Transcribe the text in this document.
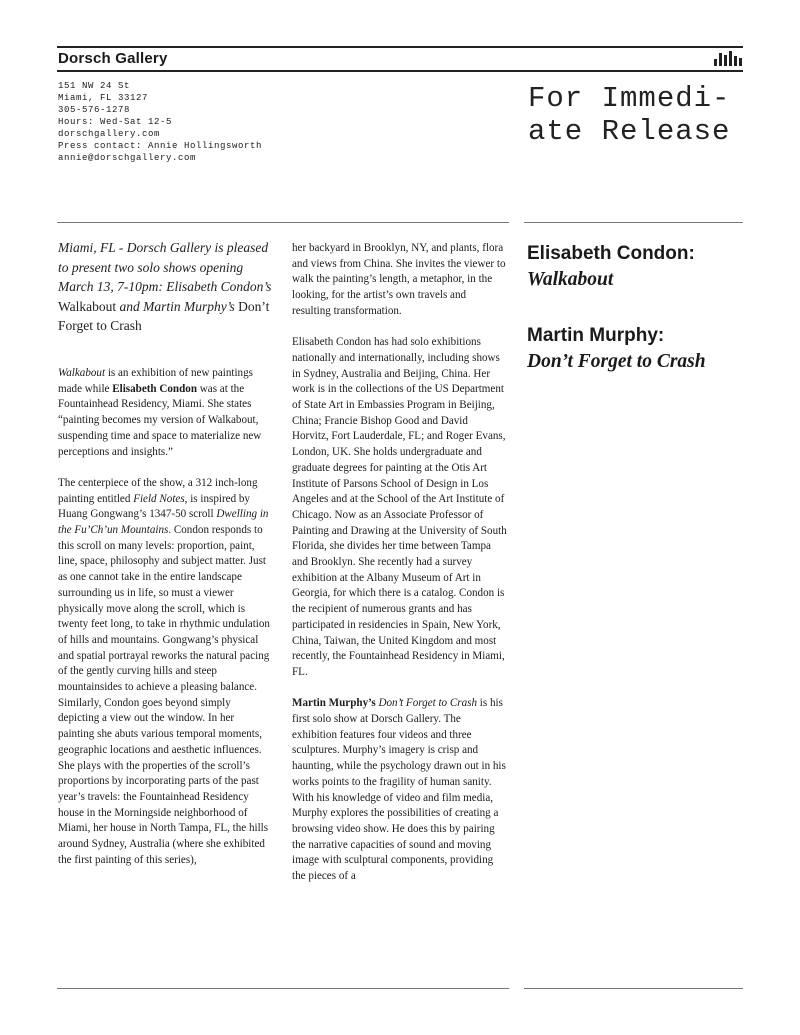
Dorsch Gallery
151 NW 24 St
Miami, FL 33127
305-576-1278
Hours: Wed-Sat 12-5
dorschgallery.com
Press contact: Annie Hollingsworth
annie@dorschgallery.com
For Immedi-
ate Release
Miami, FL - Dorsch Gallery is pleased to present two solo shows opening March 13, 7-10pm: Elisabeth Condon’s Walkabout and Martin Murphy’s Don’t Forget to Crash

Walkabout is an exhibition of new paintings made while Elisabeth Condon was at the Fountainhead Residency, Miami. She states “painting becomes my version of Walkabout, suspending time and space to materialize new perceptions and insights.”

The centerpiece of the show, a 312 inch-long painting entitled Field Notes, is inspired by Huang Gongwang’s 1347-50 scroll Dwelling in the Fu’Ch’un Mountains. Condon responds to this scroll on many levels: proportion, paint, line, space, philosophy and subject matter. Just as one cannot take in the entire landscape surrounding us in life, so must a viewer physically move along the scroll, which is twenty feet long, to take in rhythmic undulation of hills and mountains. Gongwang’s physical and spatial portrayal reworks the natural pacing of the gently curving hills and steep mountainsides to achieve a pleasing balance. Similarly, Condon goes beyond simply depicting a view out the window. In her painting she abuts various temporal moments, geographic locations and aesthetic influences. She plays with the properties of the scroll’s proportions by incorporating parts of the past year’s travels: the Fountainhead Residency house in the Morningside neighborhood of Miami, her house in North Tampa, FL, the hills around Sydney, Australia (where she exhibited the first painting of this series),

her backyard in Brooklyn, NY, and plants, flora and views from China. She invites the viewer to walk the painting’s length, a metaphor, in the looking, for the artist’s own travels and resulting transformation.

Elisabeth Condon has had solo exhibitions nationally and internationally, including shows in Sydney, Australia and Beijing, China. Her work is in the collections of the US Department of State Art in Embassies Program in Beijing, China; Francie Bishop Good and David Horvitz, Fort Lauderdale, FL; and Roger Evans, London, UK. She holds undergraduate and graduate degrees for painting at the Otis Art Institute of Parsons School of Design in Los Angeles and at the School of the Art Institute of Chicago. Now as an Associate Professor of Painting and Drawing at the University of South Florida, she divides her time between Tampa and Brooklyn. She recently had a survey exhibition at the Albany Museum of Art in Georgia, for which there is a catalog. Condon is the recipient of numerous grants and has participated in residencies in Spain, New York, China, Taiwan, the United Kingdom and most recently, the Fountainhead Residency in Miami, FL.

Martin Murphy’s Don’t Forget to Crash is his first solo show at Dorsch Gallery. The exhibition features four videos and three sculptures. Murphy’s imagery is crisp and haunting, while the psychology drawn out in his works points to the fragility of human sanity. With his knowledge of video and film media, Murphy explores the possibilities of creating a browsing video show. He does this by pairing the narrative capacities of sound and moving image with sculptural components, providing the pieces of a

Elisabeth Condon:
Walkabout
Martin Murphy:
Don’t Forget to Crash
